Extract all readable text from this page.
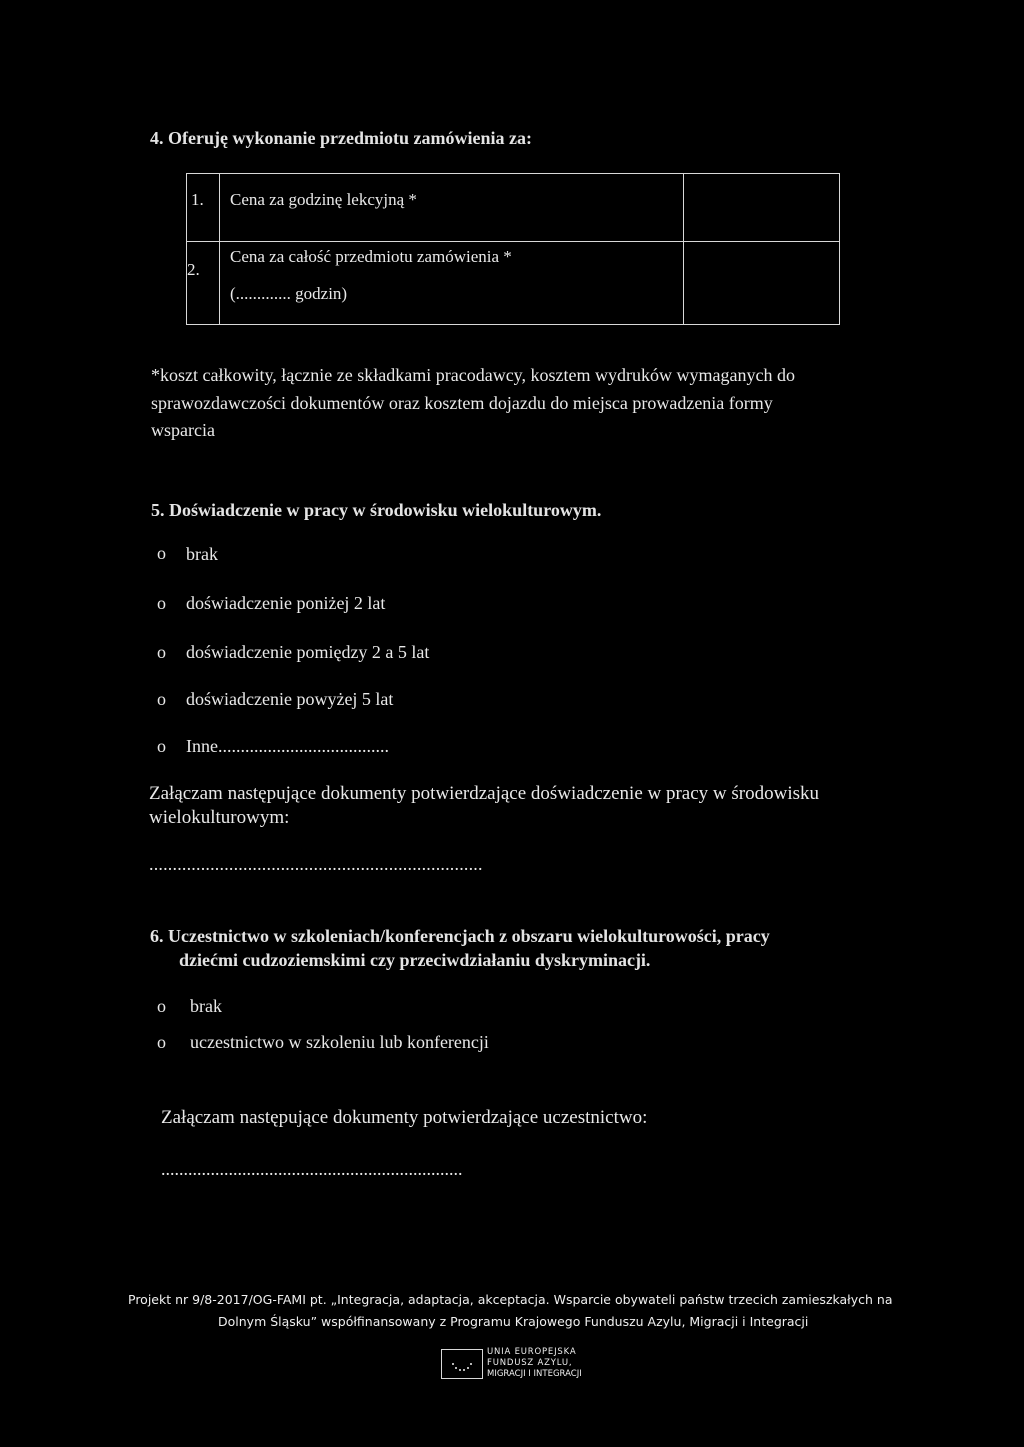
4. Oferuję wykonanie przedmiotu zamówienia za:
1. Cena za godzinę lekcyjną *
2.
Cena za całość przedmiotu zamówienia *
(............. godzin)
*koszt całkowity, łącznie ze składkami pracodawcy, kosztem wydruków wymaganych do
sprawozdawczości dokumentów oraz kosztem dojazdu do miejsca prowadzenia formy
wsparcia
5. Doświadczenie w pracy w środowisku wielokulturowym.
o brak
o doświadczenie poniżej 2 lat
o doświadczenie pomiędzy 2 a 5 lat
o doświadczenie powyżej 5 lat
o Inne......................................
Załączam następujące dokumenty potwierdzające doświadczenie w pracy w środowisku
wielokulturowym:
.......................................................................
6. Uczestnictwo w szkoleniach/konferencjach z obszaru wielokulturowości, pracy
dziećmi cudzoziemskimi czy przeciwdziałaniu dyskryminacji.
o brak
o uczestnictwo w szkoleniu lub konferencji
Załączam następujące dokumenty potwierdzające uczestnictwo:
...................................................................
Projekt nr 9/8-2017/OG-FAMI pt. „Integracja, adaptacja, akceptacja. Wsparcie obywateli państw trzecich zamieszkałych na
Dolnym Śląsku” współfinansowany z Programu Krajowego Funduszu Azylu, Migracji i Integracji
UNIA EUROPEJSKA
FUNDUSZ AZYLU,
MIGRACJI I INTEGRACJI
